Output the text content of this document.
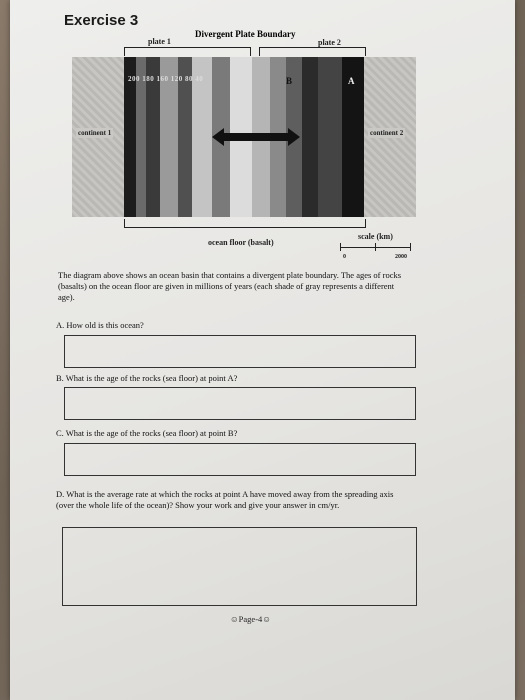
Exercise 3
Divergent Plate Boundary
plate 1	plate 2
200 180 160 120 80 40	B	A
continent 1	continent 2
ocean floor (basalt)
scale (km)
0	2000
The diagram above shows an ocean basin that contains a divergent plate boundary. The ages of rocks (basalts) on the ocean floor are given in millions of years (each shade of gray represents a different age).
A. How old is this ocean?
B. What is the age of the rocks (sea floor) at point A?
C. What is the age of the rocks (sea floor) at point B?
D. What is the average rate at which the rocks at point A have moved away from the spreading axis (over the whole life of the ocean)? Show your work and give your answer in cm/yr.
☺Page-4☺
